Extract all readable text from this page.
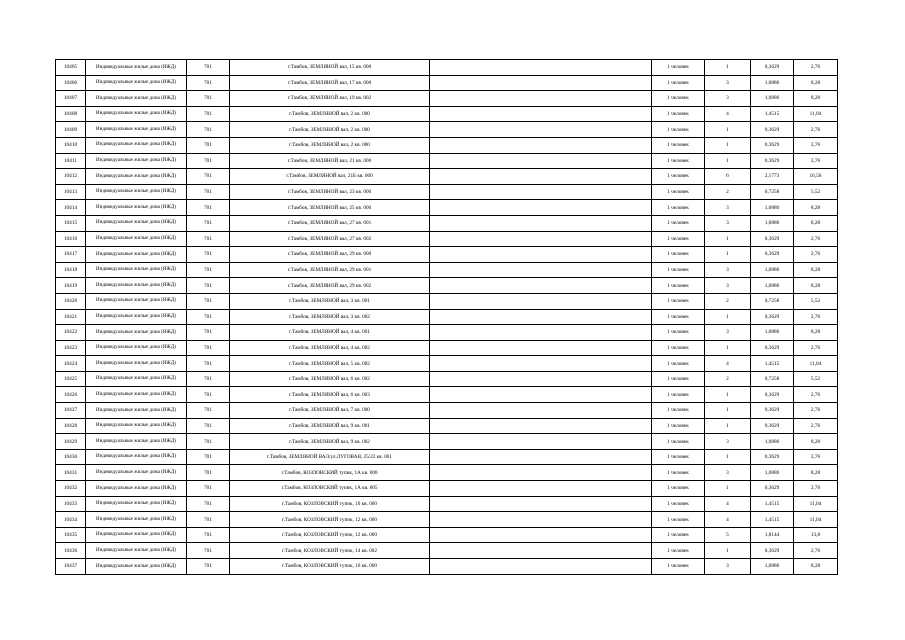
10405	Индивидуальные жилые дома (ИЖД)	701	г.Тамбов, ЗЕМЛЯНОЙ вал, 15 кв. 000		1 человек	1	0,3629	2,76
10406	Индивидуальные жилые дома (ИЖД)	701	г.Тамбов, ЗЕМЛЯНОЙ вал, 17 кв. 000		1 человек	3	1,0886	8,28
10407	Индивидуальные жилые дома (ИЖД)	701	г.Тамбов, ЗЕМЛЯНОЙ вал, 19 кв. 002		1 человек	3	1,0886	8,28
10408	Индивидуальные жилые дома (ИЖД)	701	г.Тамбов, ЗЕМЛЯНОЙ вал, 2 кв. 000		1 человек	4	1,4515	11,04
10409	Индивидуальные жилые дома (ИЖД)	701	г.Тамбов, ЗЕМЛЯНОЙ вал, 2 кв. 000		1 человек	1	0,3629	2,76
10410	Индивидуальные жилые дома (ИЖД)	701	г.Тамбов, ЗЕМЛЯНОЙ вал, 2 кв. 000		1 человек	1	0,3629	2,76
10411	Индивидуальные жилые дома (ИЖД)	701	г.Тамбов, ЗЕМЛЯНОЙ вал, 21 кв. 000		1 человек	1	0,3629	2,76
10412	Индивидуальные жилые дома (ИЖД)	701	г.Тамбов, ЗЕМЛЯНОЙ вал, 21Б кв. 000		1 человек	6	2,1773	16,56
10413	Индивидуальные жилые дома (ИЖД)	701	г.Тамбов, ЗЕМЛЯНОЙ вал, 23 кв. 000		1 человек	2	0,7258	5,52
10414	Индивидуальные жилые дома (ИЖД)	701	г.Тамбов, ЗЕМЛЯНОЙ вал, 25 кв. 000		1 человек	3	1,0886	8,28
10415	Индивидуальные жилые дома (ИЖД)	701	г.Тамбов, ЗЕМЛЯНОЙ вал, 27 кв. 001		1 человек	3	1,0886	8,28
10416	Индивидуальные жилые дома (ИЖД)	701	г.Тамбов, ЗЕМЛЯНОЙ вал, 27 кв. 002		1 человек	1	0,3629	2,76
10417	Индивидуальные жилые дома (ИЖД)	701	г.Тамбов, ЗЕМЛЯНОЙ вал, 29 кв. 000		1 человек	1	0,3629	2,76
10418	Индивидуальные жилые дома (ИЖД)	701	г.Тамбов, ЗЕМЛЯНОЙ вал, 29 кв. 001		1 человек	3	1,0886	8,28
10419	Индивидуальные жилые дома (ИЖД)	701	г.Тамбов, ЗЕМЛЯНОЙ вал, 29 кв. 002		1 человек	3	1,0886	8,28
10420	Индивидуальные жилые дома (ИЖД)	701	г.Тамбов, ЗЕМЛЯНОЙ вал, 3 кв. 001		1 человек	2	0,7258	5,52
10421	Индивидуальные жилые дома (ИЖД)	701	г.Тамбов, ЗЕМЛЯНОЙ вал, 3 кв. 002		1 человек	1	0,3629	2,76
10422	Индивидуальные жилые дома (ИЖД)	701	г.Тамбов, ЗЕМЛЯНОЙ вал, 4 кв. 001		1 человек	3	1,0886	8,28
10423	Индивидуальные жилые дома (ИЖД)	701	г.Тамбов, ЗЕМЛЯНОЙ вал, 4 кв. 002		1 человек	1	0,3629	2,76
10424	Индивидуальные жилые дома (ИЖД)	701	г.Тамбов, ЗЕМЛЯНОЙ вал, 5 кв. 002		1 человек	4	1,4515	11,04
10425	Индивидуальные жилые дома (ИЖД)	701	г.Тамбов, ЗЕМЛЯНОЙ вал, 6 кв. 002		1 человек	2	0,7258	5,52
10426	Индивидуальные жилые дома (ИЖД)	701	г.Тамбов, ЗЕМЛЯНОЙ вал, 6 кв. 003		1 человек	1	0,3629	2,76
10427	Индивидуальные жилые дома (ИЖД)	701	г.Тамбов, ЗЕМЛЯНОЙ вал, 7 кв. 000		1 человек	1	0,3629	2,76
10428	Индивидуальные жилые дома (ИЖД)	701	г.Тамбов, ЗЕМЛЯНОЙ вал, 9 кв. 001		1 человек	1	0,3629	2,76
10429	Индивидуальные жилые дома (ИЖД)	701	г.Тамбов, ЗЕМЛЯНОЙ вал, 9 кв. 002		1 человек	3	1,0886	8,28
10430	Индивидуальные жилые дома (ИЖД)	701	г.Тамбов, ЗЕМЛЯНОЙ ВАЛ/ул.ЛУГОВАЯ, 25/22 кв. 001		1 человек	1	0,3629	2,76
10431	Индивидуальные жилые дома (ИЖД)	701	г.Тамбов, КОЗЛОВСКИЙ тупик, 1А кв. 000		1 человек	3	1,0886	8,28
10432	Индивидуальные жилые дома (ИЖД)	701	г.Тамбов, КОЗЛОВСКИЙ тупик, 1А кв. 005		1 человек	1	0,3629	2,76
10433	Индивидуальные жилые дома (ИЖД)	701	г.Тамбов, КОЗЛОВСКИЙ тупик, 10 кв. 000		1 человек	4	1,4515	11,04
10434	Индивидуальные жилые дома (ИЖД)	701	г.Тамбов, КОЗЛОВСКИЙ тупик, 12 кв. 000		1 человек	4	1,4515	11,04
10435	Индивидуальные жилые дома (ИЖД)	701	г.Тамбов, КОЗЛОВСКИЙ тупик, 12 кв. 000		1 человек	5	1,8144	13,8
10436	Индивидуальные жилые дома (ИЖД)	701	г.Тамбов, КОЗЛОВСКИЙ тупик, 14 кв. 002		1 человек	1	0,3629	2,76
10437	Индивидуальные жилые дома (ИЖД)	701	г.Тамбов, КОЗЛОВСКИЙ тупик, 16 кв. 000		1 человек	3	1,0886	8,28
